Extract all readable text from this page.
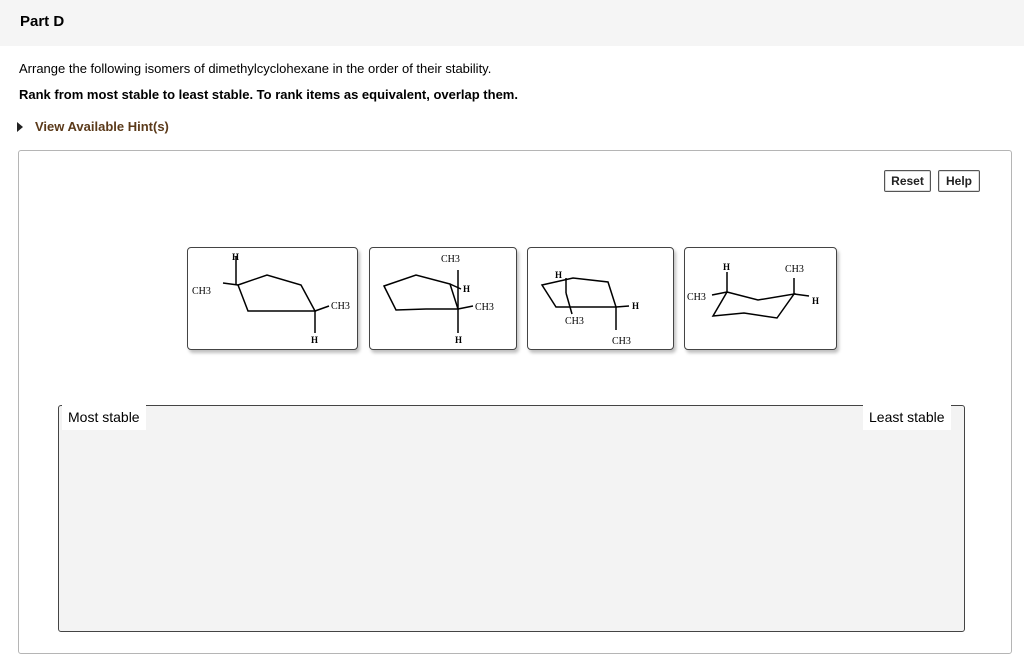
Part D
Arrange the following isomers of dimethylcyclohexane in the order of their stability.
Rank from most stable to least stable. To rank items as equivalent, overlap them.
View Available Hint(s)
Reset	Help
H
CH3
CH3
H
CH3
H
CH3
H
H
CH3
H
CH3
H	CH3
CH3	H
Most stable	Least stable
